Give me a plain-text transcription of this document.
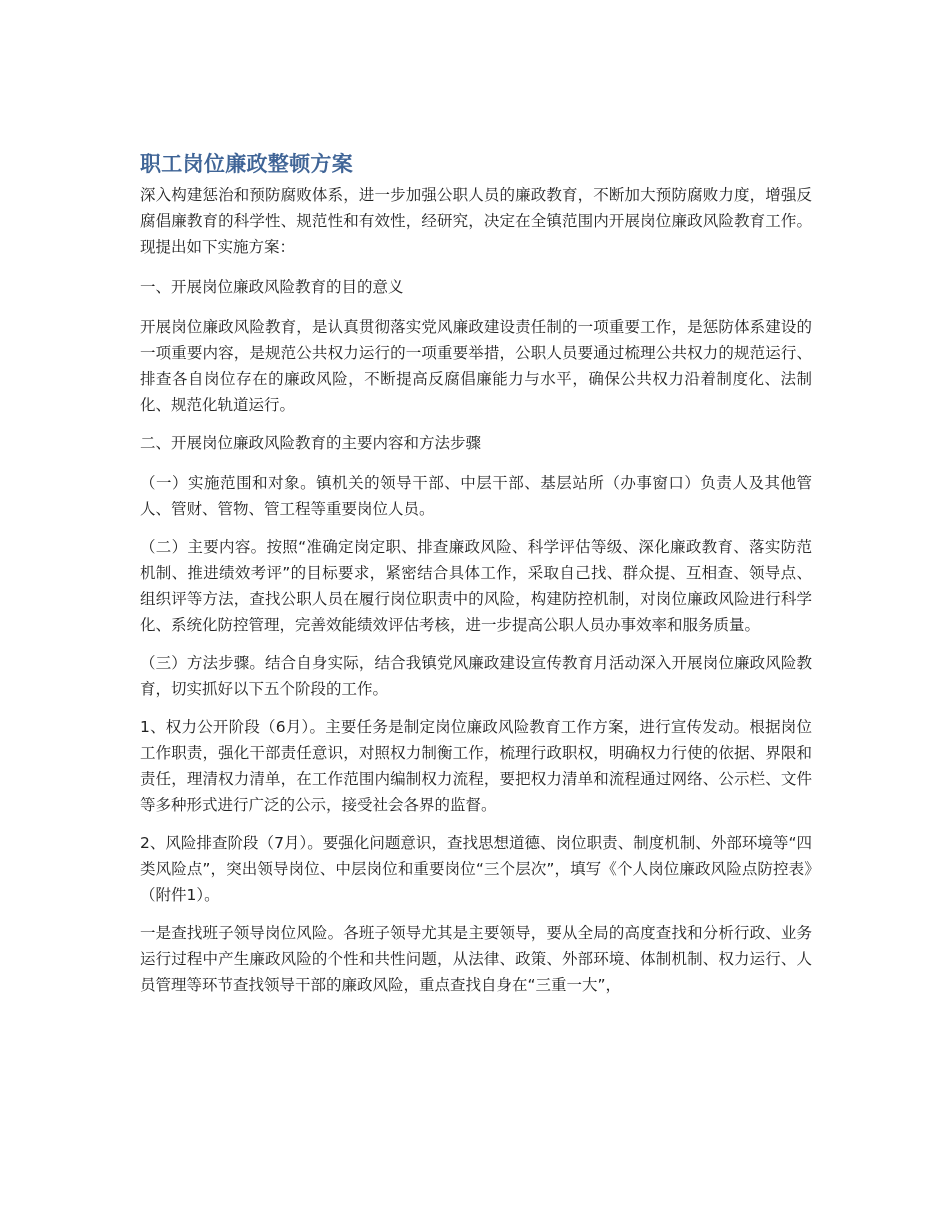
职工岗位廉政整顿方案

深入构建惩治和预防腐败体系，进一步加强公职人员的廉政教育，不断加大预防腐败力度，增强反腐倡廉教育的科学性、规范性和有效性，经研究，决定在全镇范围内开展岗位廉政风险教育工作。现提出如下实施方案：

一、开展岗位廉政风险教育的目的意义

开展岗位廉政风险教育，是认真贯彻落实党风廉政建设责任制的一项重要工作，是惩防体系建设的一项重要内容，是规范公共权力运行的一项重要举措，公职人员要通过梳理公共权力的规范运行、排查各自岗位存在的廉政风险，不断提高反腐倡廉能力与水平，确保公共权力沿着制度化、法制化、规范化轨道运行。

二、开展岗位廉政风险教育的主要内容和方法步骤

（一）实施范围和对象。镇机关的领导干部、中层干部、基层站所（办事窗口）负责人及其他管人、管财、管物、管工程等重要岗位人员。

（二）主要内容。按照“准确定岗定职、排查廉政风险、科学评估等级、深化廉政教育、落实防范机制、推进绩效考评”的目标要求，紧密结合具体工作，采取自己找、群众提、互相查、领导点、组织评等方法，查找公职人员在履行岗位职责中的风险，构建防控机制，对岗位廉政风险进行科学化、系统化防控管理，完善效能绩效评估考核，进一步提高公职人员办事效率和服务质量。

（三）方法步骤。结合自身实际，结合我镇党风廉政建设宣传教育月活动深入开展岗位廉政风险教育，切实抓好以下五个阶段的工作。

1、权力公开阶段（6月）。主要任务是制定岗位廉政风险教育工作方案，进行宣传发动。根据岗位工作职责，强化干部责任意识，对照权力制衡工作，梳理行政职权，明确权力行使的依据、界限和责任，理清权力清单，在工作范围内编制权力流程，要把权力清单和流程通过网络、公示栏、文件等多种形式进行广泛的公示，接受社会各界的监督。

2、风险排查阶段（7月）。要强化问题意识，查找思想道德、岗位职责、制度机制、外部环境等“四类风险点”，突出领导岗位、中层岗位和重要岗位“三个层次”，填写《个人岗位廉政风险点防控表》（附件1）。

一是查找班子领导岗位风险。各班子领导尤其是主要领导，要从全局的高度查找和分析行政、业务运行过程中产生廉政风险的个性和共性问题，从法律、政策、外部环境、体制机制、权力运行、人员管理等环节查找领导干部的廉政风险，重点查找自身在“三重一大”，
